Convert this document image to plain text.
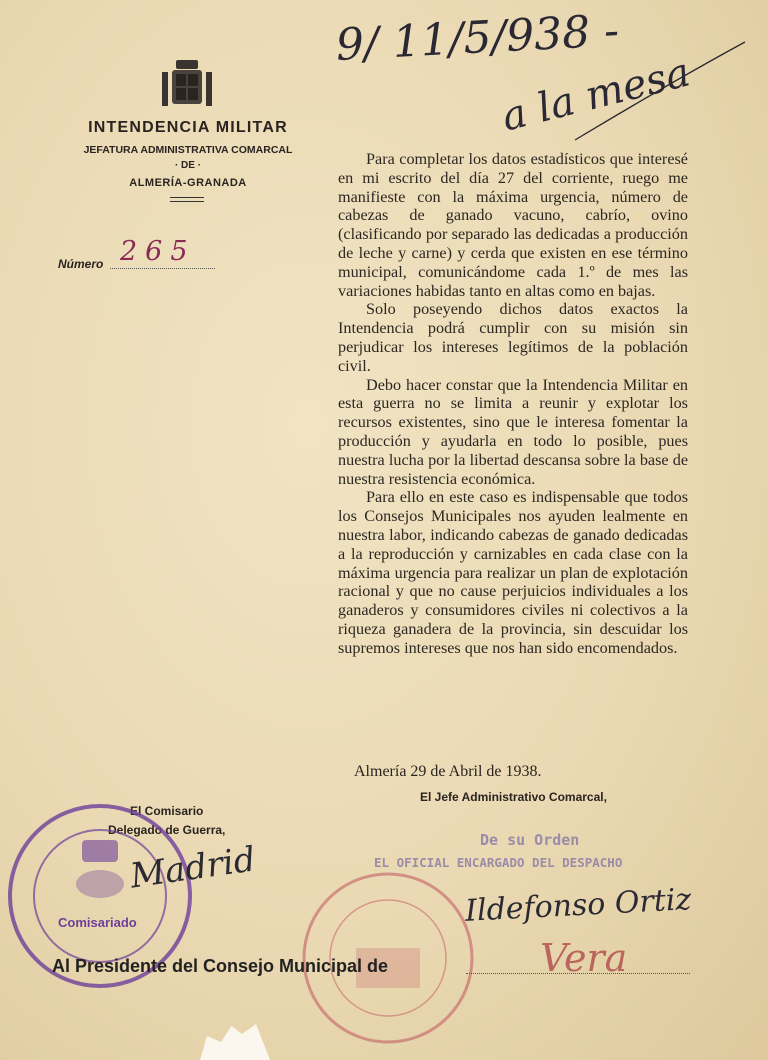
INTENDENCIA MILITAR
JEFATURA ADMINISTRATIVA COMARCAL
· DE ·
ALMERÍA-GRANADA
Número 265
9/ 11/5/938 -
a la mesa

Para completar los datos estadísticos que interesé en mi escrito del día 27 del corriente, ruego me manifieste con la máxima urgencia, número de cabezas de ganado vacuno, cabrío, ovino (clasificando por separado las dedicadas a producción de leche y carne) y cerda que existen en ese término municipal, comunicándome cada 1.º de mes las variaciones habidas tanto en altas como en bajas.

Solo poseyendo dichos datos exactos la Intendencia podrá cumplir con su misión sin perjudicar los intereses legítimos de la población civil.

Debo hacer constar que la Intendencia Militar en esta guerra no se limita a reunir y explotar los recursos existentes, sino que le interesa fomentar la producción y ayudarla en todo lo posible, pues nuestra lucha por la libertad descansa sobre la base de nuestra resistencia económica.

Para ello en este caso es indispensable que todos los Consejos Municipales nos ayuden lealmente en nuestra labor, indicando cabezas de ganado dedicadas a la reproducción y carnizables en cada clase con la máxima urgencia para realizar un plan de explotación racional y que no cause perjuicios individuales a los ganaderos y consumidores civiles ni colectivos a la riqueza ganadera de la provincia, sin descuidar los supremos intereses que nos han sido encomendados.

Almería 29 de Abril de 1938.
El Jefe Administrativo Comarcal,
El Comisario
Delegado de Guerra,
De su Orden
EL OFICIAL ENCARGADO DEL DESPACHO
Comisariado
Madrid
Ildefonso Ortiz
Al Presidente del Consejo Municipal de	Vera
